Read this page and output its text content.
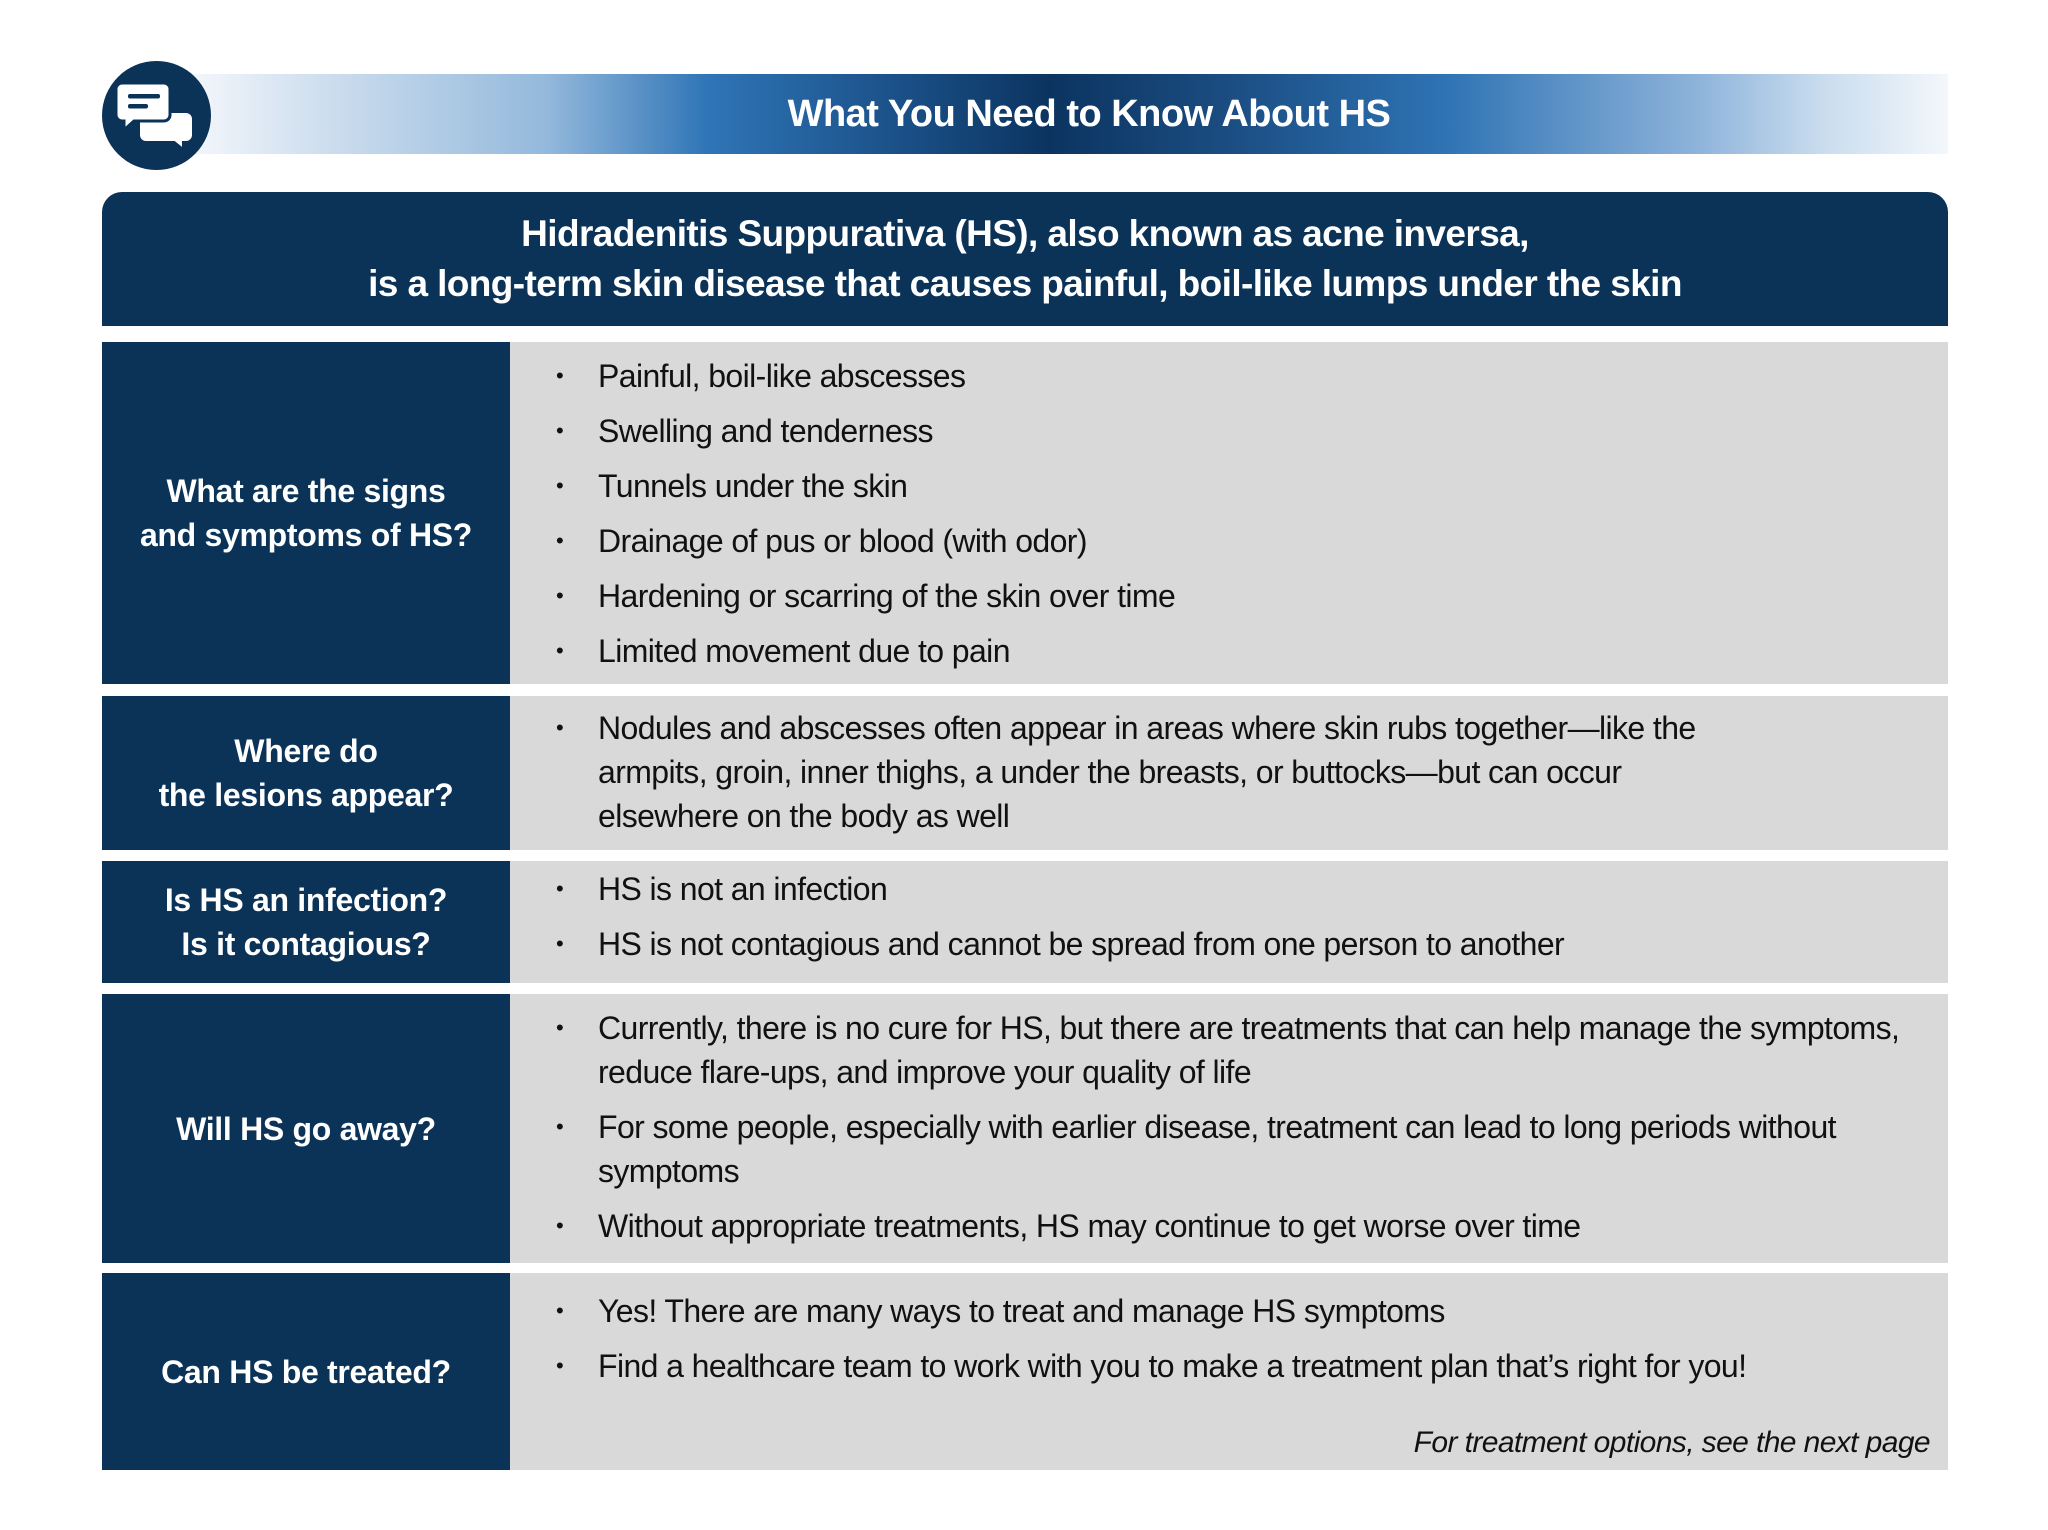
What You Need to Know About HS
Hidradenitis Suppurativa (HS), also known as acne inversa,
is a long-term skin disease that causes painful, boil-like lumps under the skin
What are the signs
and symptoms of HS?
• Painful, boil-like abscesses
• Swelling and tenderness
• Tunnels under the skin
• Drainage of pus or blood (with odor)
• Hardening or scarring of the skin over time
• Limited movement due to pain
Where do
the lesions appear?
• Nodules and abscesses often appear in areas where skin rubs together—like the armpits, groin, inner thighs, a under the breasts, or buttocks—but can occur elsewhere on the body as well
Is HS an infection?
Is it contagious?
• HS is not an infection
• HS is not contagious and cannot be spread from one person to another
Will HS go away?
• Currently, there is no cure for HS, but there are treatments that can help manage the symptoms, reduce flare-ups, and improve your quality of life
• For some people, especially with earlier disease, treatment can lead to long periods without symptoms
• Without appropriate treatments, HS may continue to get worse over time
Can HS be treated?
• Yes! There are many ways to treat and manage HS symptoms
• Find a healthcare team to work with you to make a treatment plan that’s right for you!
For treatment options, see the next page
